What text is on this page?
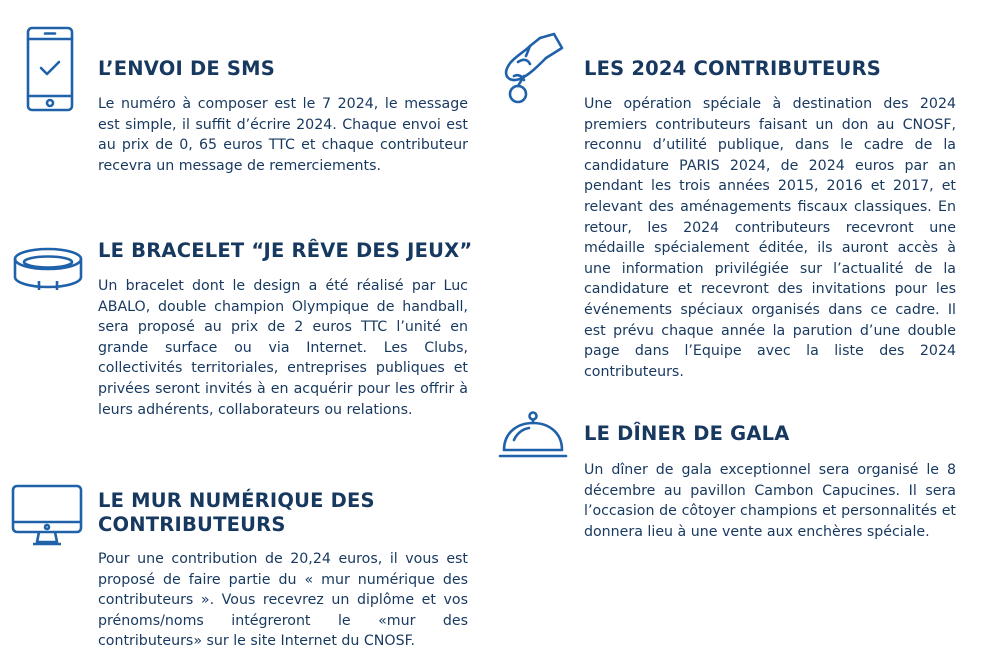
L’ENVOI DE SMS

Le numéro à composer est le 7 2024, le message est simple, il suffit d’écrire 2024. Chaque envoi est au prix de 0, 65 euros TTC et chaque contributeur recevra un message de remerciements.

LE BRACELET “JE RÊVE DES JEUX”

Un bracelet dont le design a été réalisé par Luc ABALO, double champion Olympique de handball, sera proposé au prix de 2 euros TTC l’unité en grande surface ou via Internet. Les Clubs, collectivités territoriales, entreprises publiques et privées seront invités à en acquérir pour les offrir à leurs adhérents, collaborateurs ou relations.

LE MUR NUMÉRIQUE DES
CONTRIBUTEURS

Pour une contribution de 20,24 euros, il vous est proposé de faire partie du « mur numérique des contributeurs ». Vous recevrez un diplôme et vos prénoms/noms intégreront le «mur des contributeurs» sur le site Internet du CNOSF.

LES 2024 CONTRIBUTEURS

Une opération spéciale à destination des 2024 premiers contributeurs faisant un don au CNOSF, reconnu d’utilité publique, dans le cadre de la candidature PARIS 2024, de 2024 euros par an pendant les trois années 2015, 2016 et 2017, et relevant des aménagements fiscaux classiques. En retour, les 2024 contributeurs recevront une médaille spécialement éditée, ils auront accès à une information privilégiée sur l’actualité de la candidature et recevront des invitations pour les événements spéciaux organisés dans ce cadre. Il est prévu chaque année la parution d’une double page dans l’Equipe avec la liste des 2024 contributeurs.

LE DÎNER DE GALA

Un dîner de gala exceptionnel sera organisé le 8 décembre au pavillon Cambon Capucines. Il sera l’occasion de côtoyer champions et personnalités et donnera lieu à une vente aux enchères spéciale.
